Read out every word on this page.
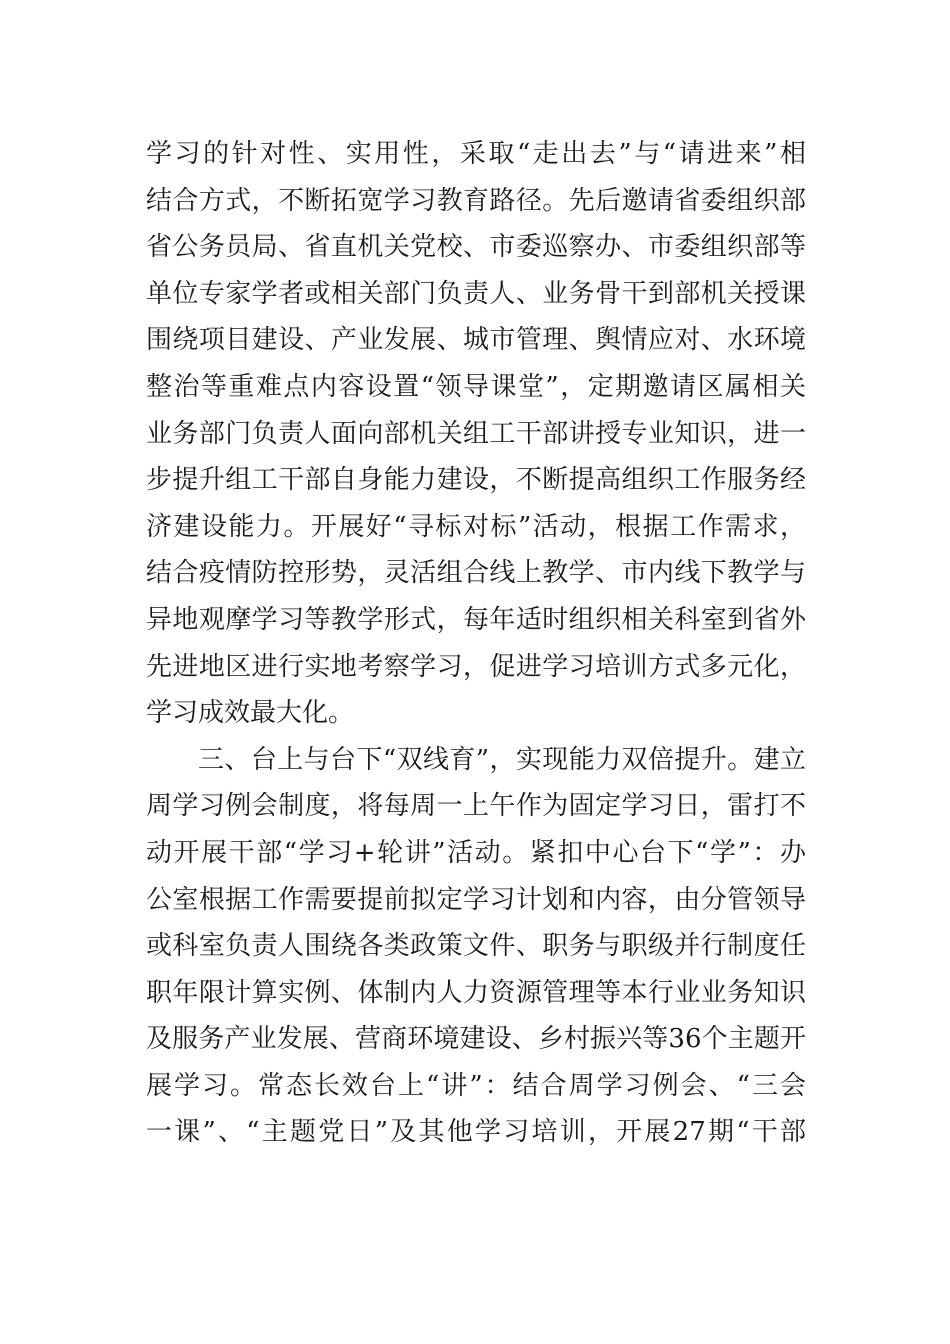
学习的针对性、实用性，采取“走出去”与“请进来”相
结合方式，不断拓宽学习教育路径。先后邀请省委组织部
省公务员局、省直机关党校、市委巡察办、市委组织部等
单位专家学者或相关部门负责人、业务骨干到部机关授课
围绕项目建设、产业发展、城市管理、舆情应对、水环境
整治等重难点内容设置“领导课堂”，定期邀请区属相关
业务部门负责人面向部机关组工干部讲授专业知识，进一
步提升组工干部自身能力建设，不断提高组织工作服务经
济建设能力。开展好“寻标对标”活动，根据工作需求，
结合疫情防控形势，灵活组合线上教学、市内线下教学与
异地观摩学习等教学形式，每年适时组织相关科室到省外
先进地区进行实地考察学习，促进学习培训方式多元化，
学习成效最大化。
三、台上与台下“双线育”，实现能力双倍提升。建立
周学习例会制度，将每周一上午作为固定学习日，雷打不
动开展干部“学习+轮讲”活动。紧扣中心台下“学”：办
公室根据工作需要提前拟定学习计划和内容，由分管领导
或科室负责人围绕各类政策文件、职务与职级并行制度任
职年限计算实例、体制内人力资源管理等本行业业务知识
及服务产业发展、营商环境建设、乡村振兴等36个主题开
展学习。常态长效台上“讲”：结合周学习例会、“三会
一课”、“主题党日”及其他学习培训，开展27期“干部
